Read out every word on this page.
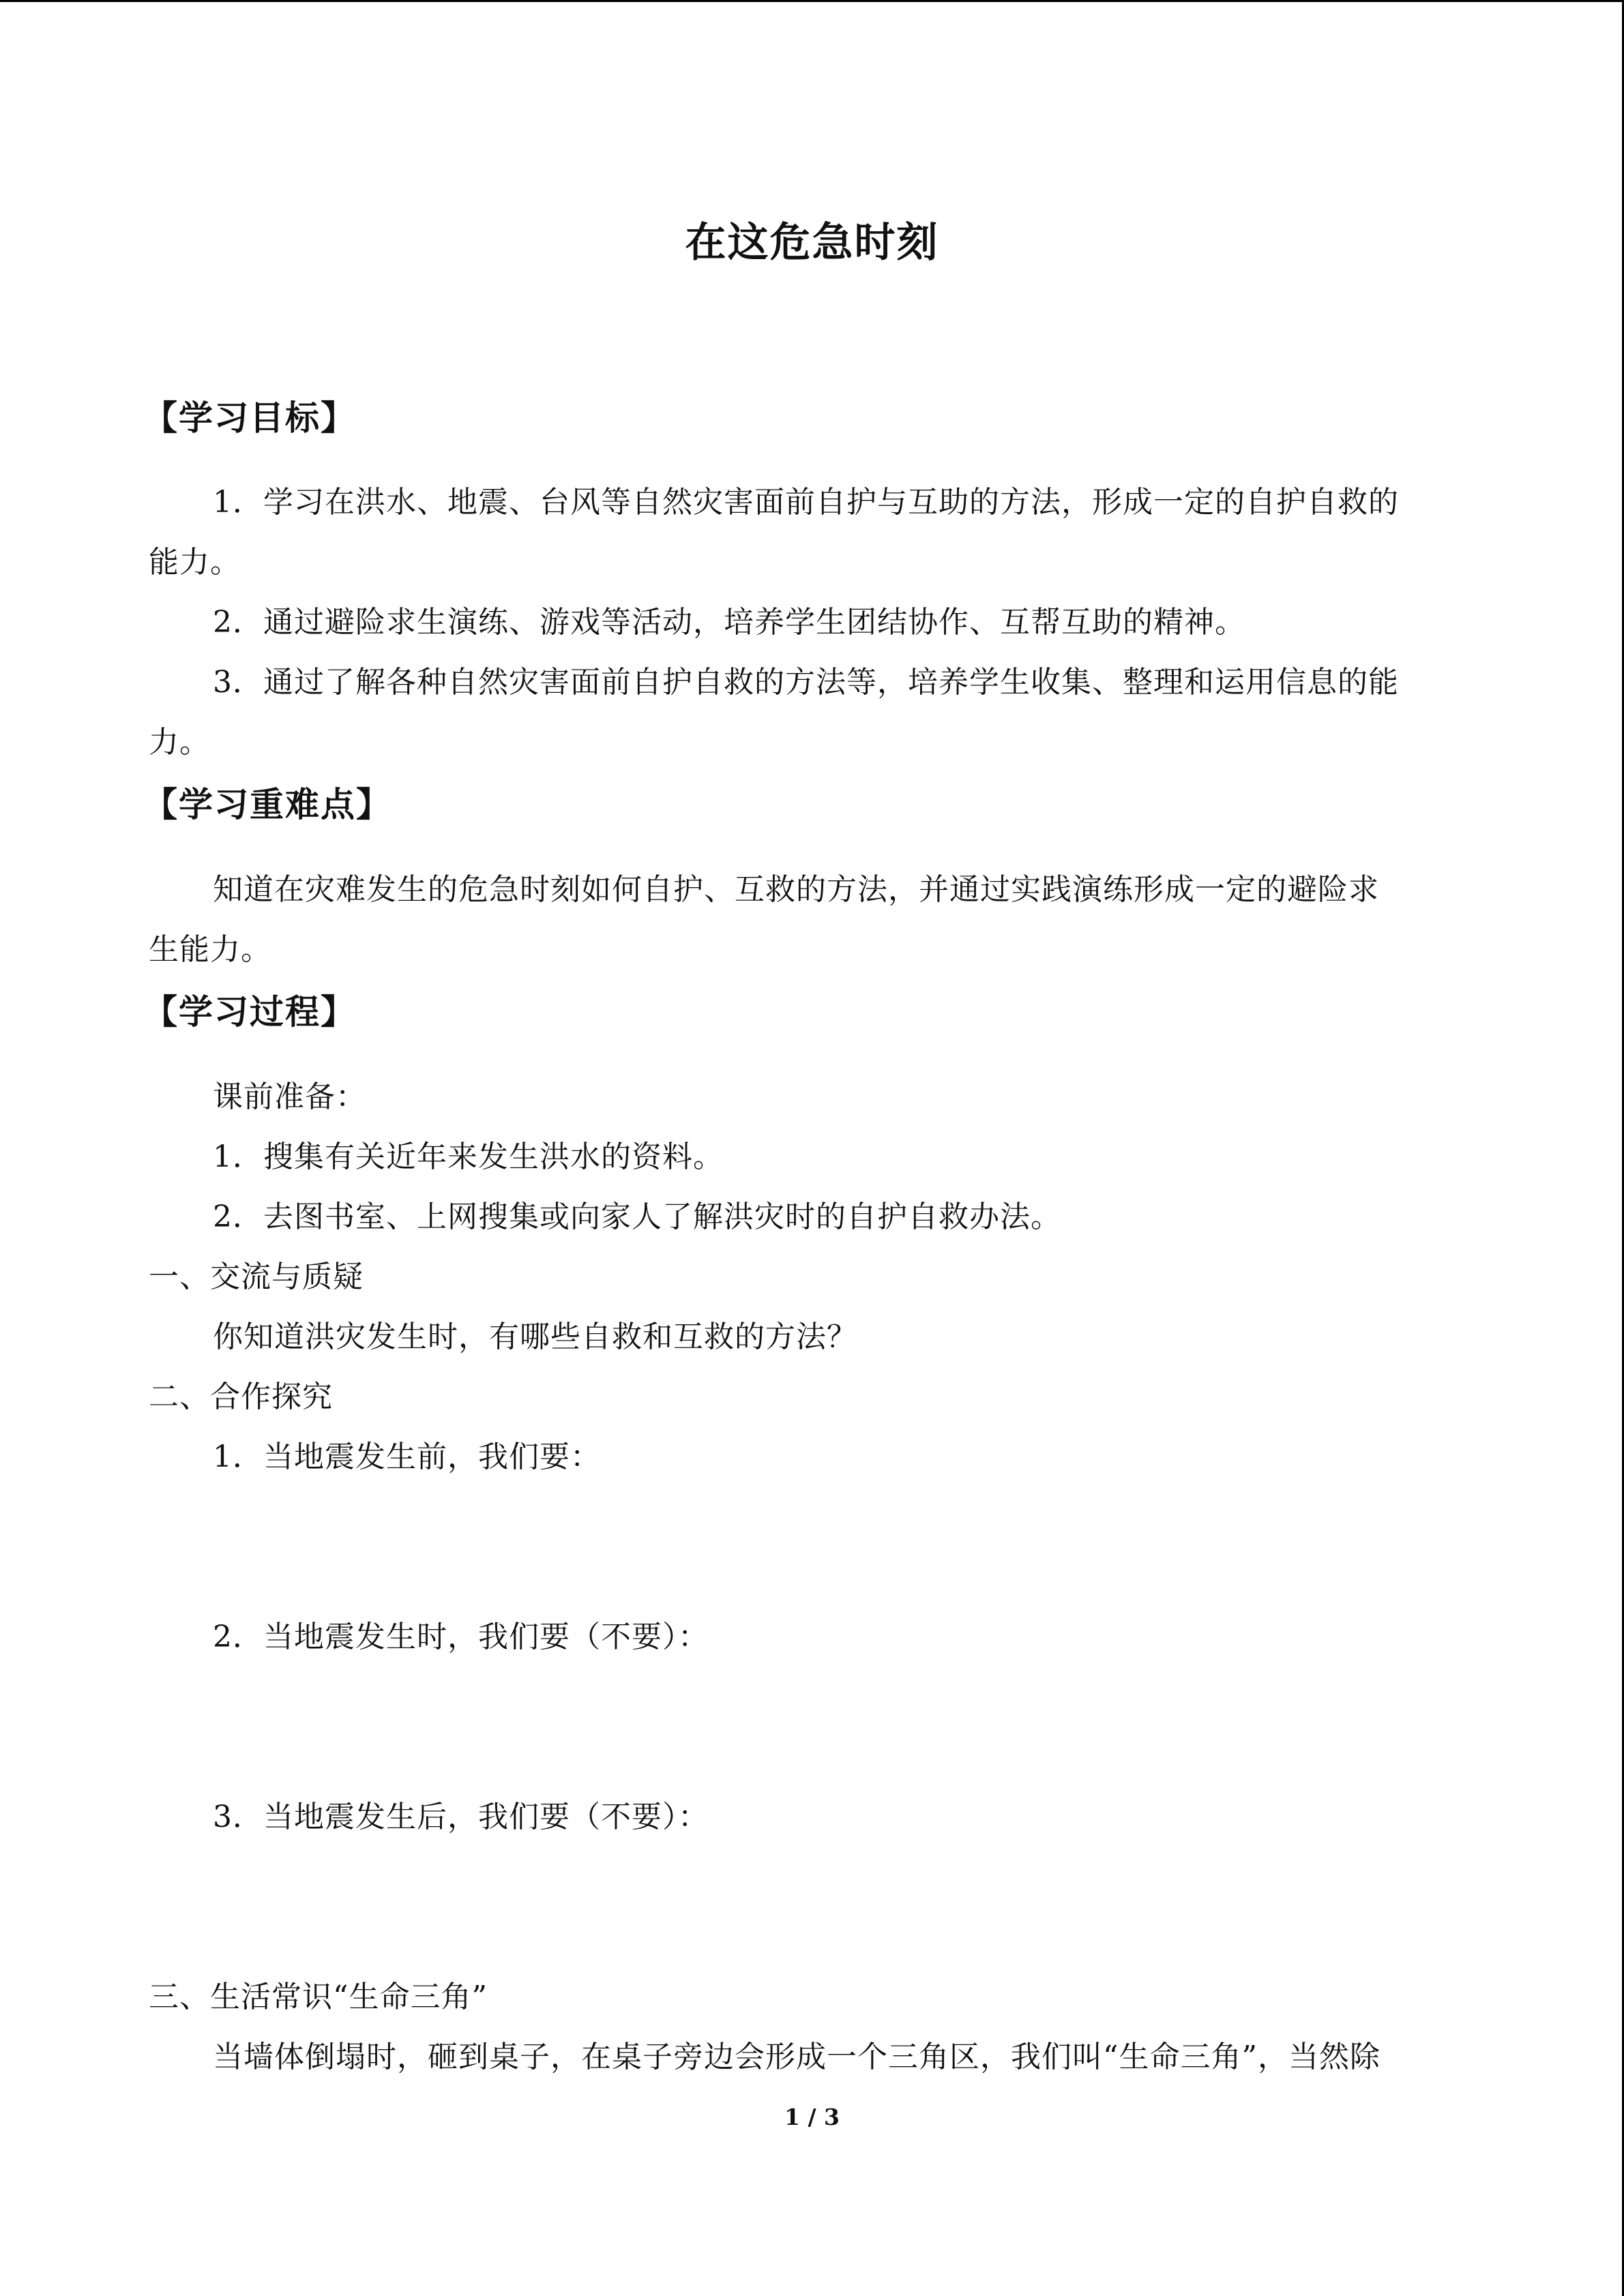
在这危急时刻
【学习目标】
1．学习在洪水、地震、台风等自然灾害面前自护与互助的方法，形成一定的自护自救的
能力。
2．通过避险求生演练、游戏等活动，培养学生团结协作、互帮互助的精神。
3．通过了解各种自然灾害面前自护自救的方法等，培养学生收集、整理和运用信息的能
力。
【学习重难点】
知道在灾难发生的危急时刻如何自护、互救的方法，并通过实践演练形成一定的避险求
生能力。
【学习过程】
课前准备：
1．搜集有关近年来发生洪水的资料。
2．去图书室、上网搜集或向家人了解洪灾时的自护自救办法。
一、交流与质疑
你知道洪灾发生时，有哪些自救和互救的方法？
二、合作探究
1．当地震发生前，我们要：
2．当地震发生时，我们要（不要）：
3．当地震发生后，我们要（不要）：
三、生活常识“生命三角”
当墙体倒塌时，砸到桌子，在桌子旁边会形成一个三角区，我们叫“生命三角”，当然除
1 / 3
